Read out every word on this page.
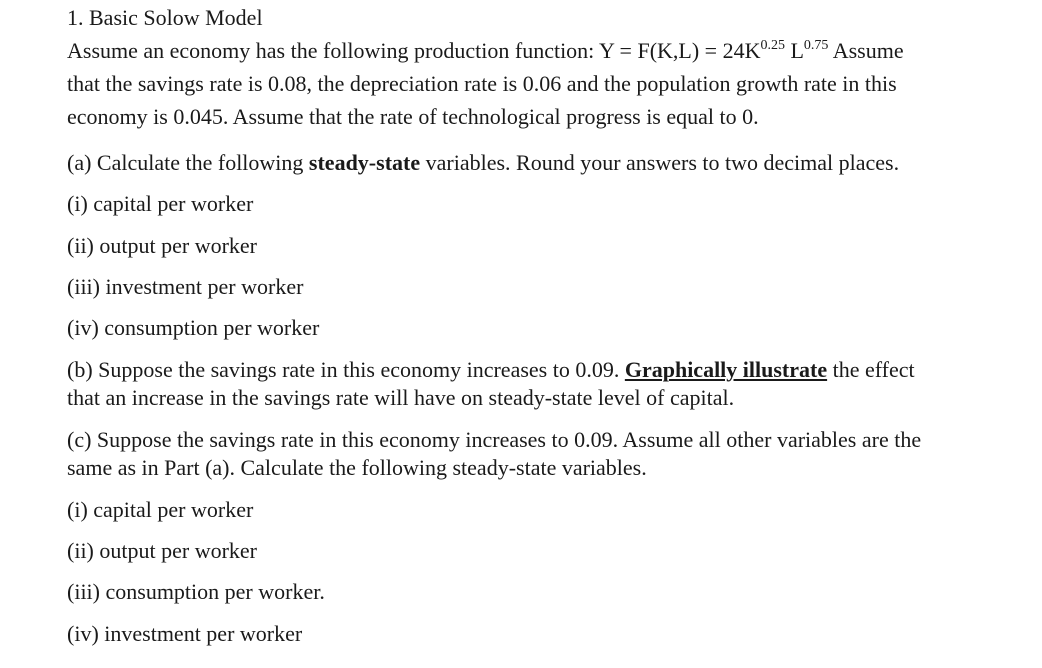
1. Basic Solow Model
Assume an economy has the following production function: $Y = F(K,L) = 24K^{0.25}$ $L^{0.75}$ Assume
that the savings rate is 0.08, the depreciation rate is 0.06 and the population growth rate in this
economy is 0.045. Assume that the rate of technological progress is equal to 0.
(a) Calculate the following steady-state variables. Round your answers to two decimal places.
(i) capital per worker
(ii) output per worker
(iii) investment per worker
(iv) consumption per worker
(b) Suppose the savings rate in this economy increases to 0.09. Graphically illustrate the effect
that an increase in the savings rate will have on steady-state level of capital.
(c) Suppose the savings rate in this economy increases to 0.09. Assume all other variables are the
same as in Part (a). Calculate the following steady-state variables.
(i) capital per worker
(ii) output per worker
(iii) consumption per worker.
(iv) investment per worker
